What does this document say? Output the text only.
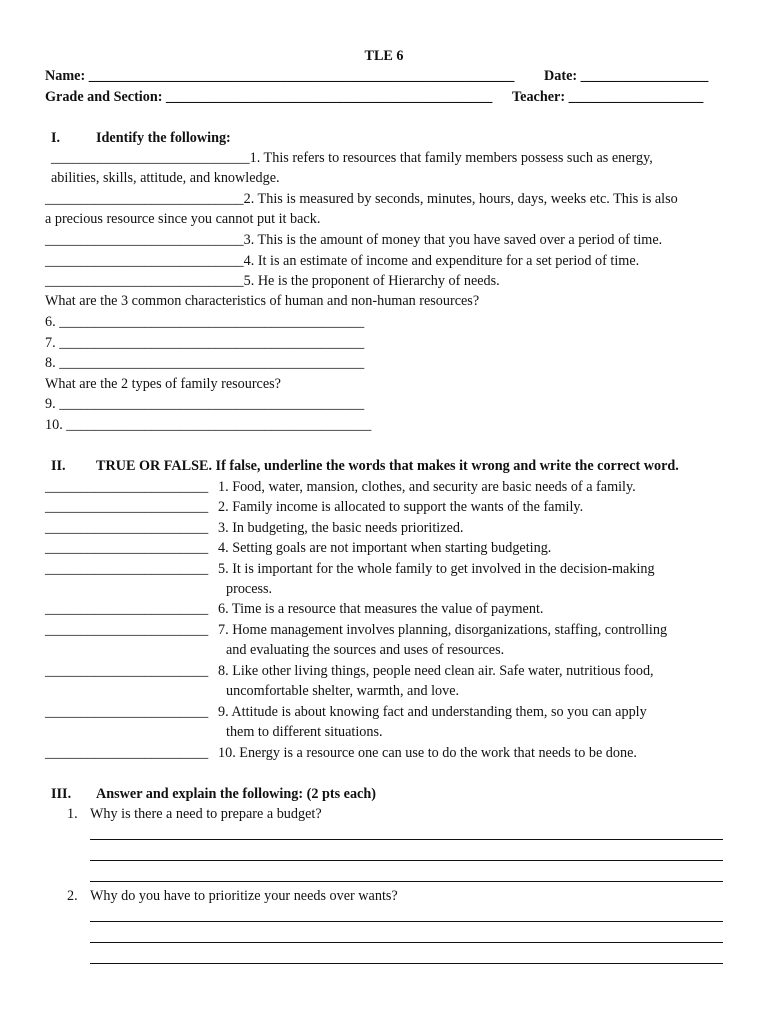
TLE 6
Name: ____________________________________________________________ Date: __________________
Grade and Section: ______________________________________________ Teacher: ___________________
I.	Identify the following:
____________________________1. This refers to resources that family members possess such as energy,
abilities, skills, attitude, and knowledge.
____________________________2. This is measured by seconds, minutes, hours, days, weeks etc. This is also
a precious resource since you cannot put it back.
____________________________3. This is the amount of money that you have saved over a period of time.
____________________________4. It is an estimate of income and expenditure for a set period of time.
____________________________5. He is the proponent of Hierarchy of needs.
What are the 3 common characteristics of human and non-human resources?
6. ___________________________________________
7. ___________________________________________
8. ___________________________________________
What are the 2 types of family resources?
9. ___________________________________________
10. ___________________________________________
II. TRUE OR FALSE. If false, underline the words that makes it wrong and write the correct word.
_______________________ 1. Food, water, mansion, clothes, and security are basic needs of a family.
_______________________ 2. Family income is allocated to support the wants of the family.
_______________________ 3. In budgeting, the basic needs prioritized.
_______________________ 4. Setting goals are not important when starting budgeting.
_______________________ 5. It is important for the whole family to get involved in the decision-making
process.
_______________________ 6. Time is a resource that measures the value of payment.
_______________________ 7. Home management involves planning, disorganizations, staffing, controlling
and evaluating the sources and uses of resources.
_______________________ 8. Like other living things, people need clean air. Safe water, nutritious food,
uncomfortable shelter, warmth, and love.
_______________________ 9. Attitude is about knowing fact and understanding them, so you can apply
them to different situations.
_______________________ 10. Energy is a resource one can use to do the work that needs to be done.
III. Answer and explain the following: (2 pts each)
1. Why is there a need to prepare a budget?
2. Why do you have to prioritize your needs over wants?
